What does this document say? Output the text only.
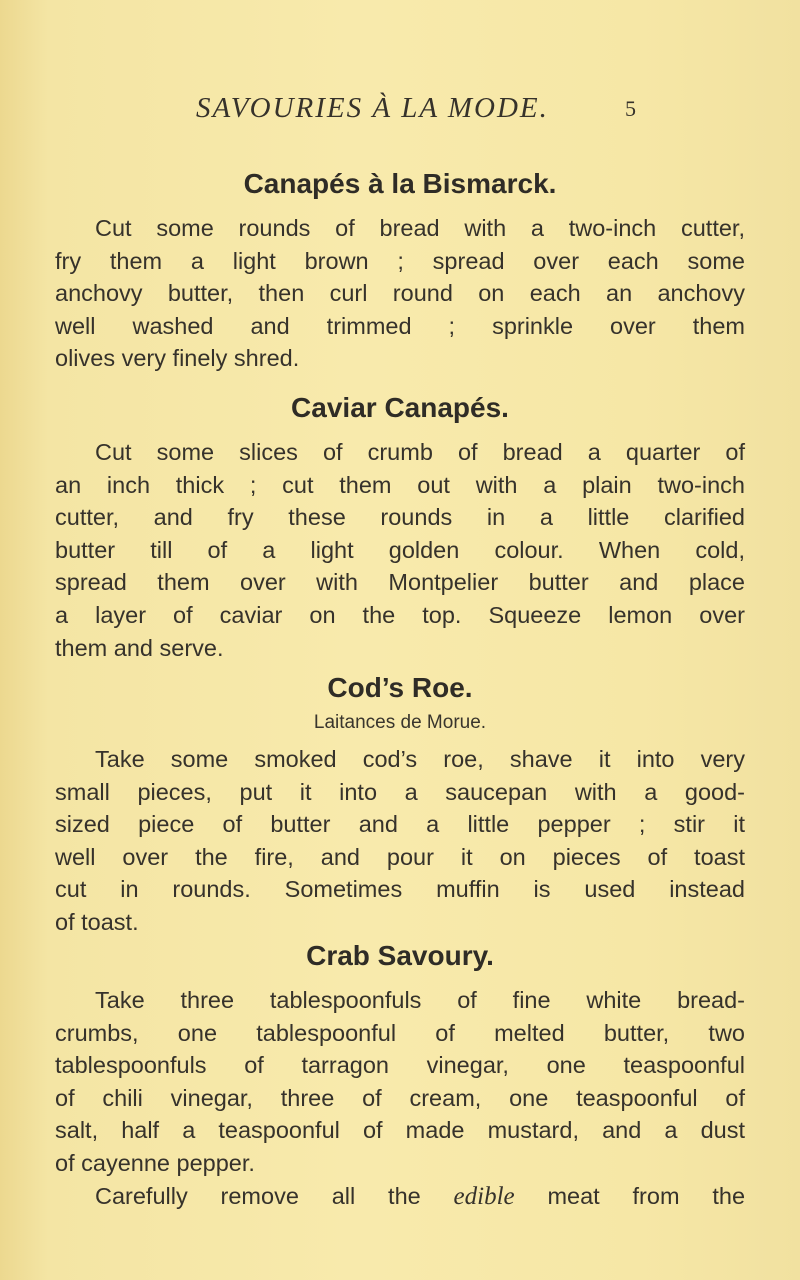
SAVOURIES À LA MODE.	5
Canapés à la Bismarck.
Cut some rounds of bread with a two-inch cutter,
fry them a light brown ; spread over each some
anchovy butter, then curl round on each an anchovy
well washed and trimmed ; sprinkle over them
olives very finely shred.
Caviar Canapés.
Cut some slices of crumb of bread a quarter of
an inch thick ; cut them out with a plain two-inch
cutter, and fry these rounds in a little clarified
butter till of a light golden colour. When cold,
spread them over with Montpelier butter and place
a layer of caviar on the top. Squeeze lemon over
them and serve.
Cod’s Roe.

Laitances de Morue.

Take some smoked cod’s roe, shave it into very
small pieces, put it into a saucepan with a good-
sized piece of butter and a little pepper ; stir it
well over the fire, and pour it on pieces of toast
cut in rounds. Sometimes muffin is used instead
of toast.
Crab Savoury.
Take three tablespoonfuls of fine white bread-
crumbs, one tablespoonful of melted butter, two
tablespoonfuls of tarragon vinegar, one teaspoonful
of chili vinegar, three of cream, one teaspoonful of
salt, half a teaspoonful of made mustard, and a dust
of cayenne pepper.
Carefully remove all the edible meat from the
